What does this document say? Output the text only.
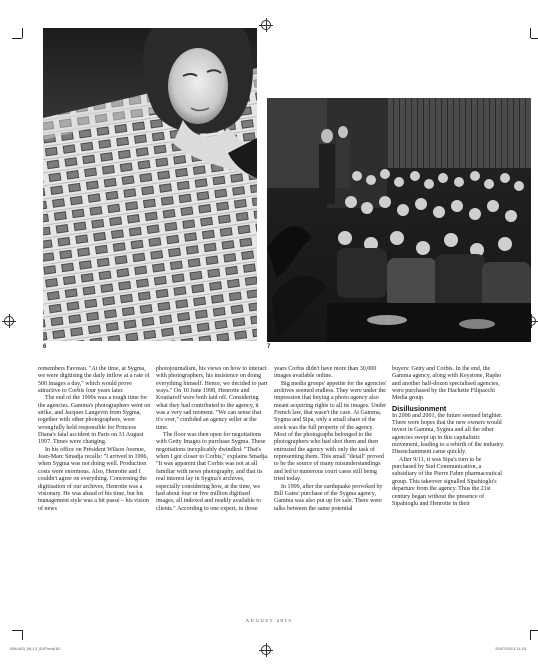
6	7

remembers Favreau. "At the time, at Sygma, we were digitising the daily inflow at a rate of 500 images a day," which would prove attractive to Corbis four years later.

The end of the 1990s was a tough time for the agencies. Gamma's photographers went on strike, and Jacques Langevin from Sygma, together with other photographers, were wrongfully held responsible for Princess Diana's fatal accident in Paris on 31 August 1997. Times were changing.

In his office on Président Wilson Avenue, Jean-Marc Smadja recalls: "I arrived in 1996, when Sygma was not doing well. Production costs were enormous. Also, Henrotte and I couldn't agree on everything. Concerning the digitisation of our archives, Henrotte was a visionary. He was ahead of his time, but his management style was a bit passé – his vision of news

photojournalism, his views on how to interact with photographers, his insistence on doing everything himself. Hence, we decided to part ways." On 10 June 1998, Henrotte and Koutiaroff were both laid off. Considering what they had contributed to the agency, it was a very sad moment. "We can sense that it's over," confided an agency seller at the time.

The floor was then open for negotiations with Getty Images to purchase Sygma. These negotiations inexplicably dwindled. "That's when I got closer to Corbis," explains Smadja. "It was apparent that Corbis was not at all familiar with news photography, and that its real interest lay in Sygma's archives, especially considering how, at the time, we had about four or five million digitised images, all indexed and readily available to clients." According to one expert, in those

years Corbis didn't have more than 30,000 images available online.

Big media groups' appetite for the agencies' archives seemed endless. They were under the impression that buying a photo agency also meant acquiring rights to all its images. Under French law, that wasn't the case. At Gamma, Sygma and Sipa, only a small share of the stock was the full property of the agency. Most of the photographs belonged to the photographers who had shot them and then entrusted the agency with only the task of representing them. This small "detail" proved to be the source of many misunderstandings and led to numerous court cases still being tried today.

In 1999, after the earthquake provoked by Bill Gates' purchase of the Sygma agency, Gamma was also put up for sale. There were talks between the same potential

buyers: Getty and Corbis. In the end, the Gamma agency, along with Keystone, Rapho and another half-dozen specialised agencies, were purchased by the Hachette Filipacchi Media group.

Disillusionment

In 2000 and 2001, the future seemed brighter. There were hopes that the new owners would invest in Gamma, Sygma and all the other agencies swept up in this capitalistic movement, leading to a rebirth of the industry. Disenchantment came quickly.

After 9/11, it was Sipa's turn to be purchased by Sud Communication, a subsidiary of the Pierre Fabre pharmaceutical group. This takeover signalled Sipahioglu's departure from the agency. Thus the 21st century began without the presence of Sipahioglu and Henrotte in their

AUGUST 2013
056-063_06-13_BJP.indd 62	25/07/2013 11:15
